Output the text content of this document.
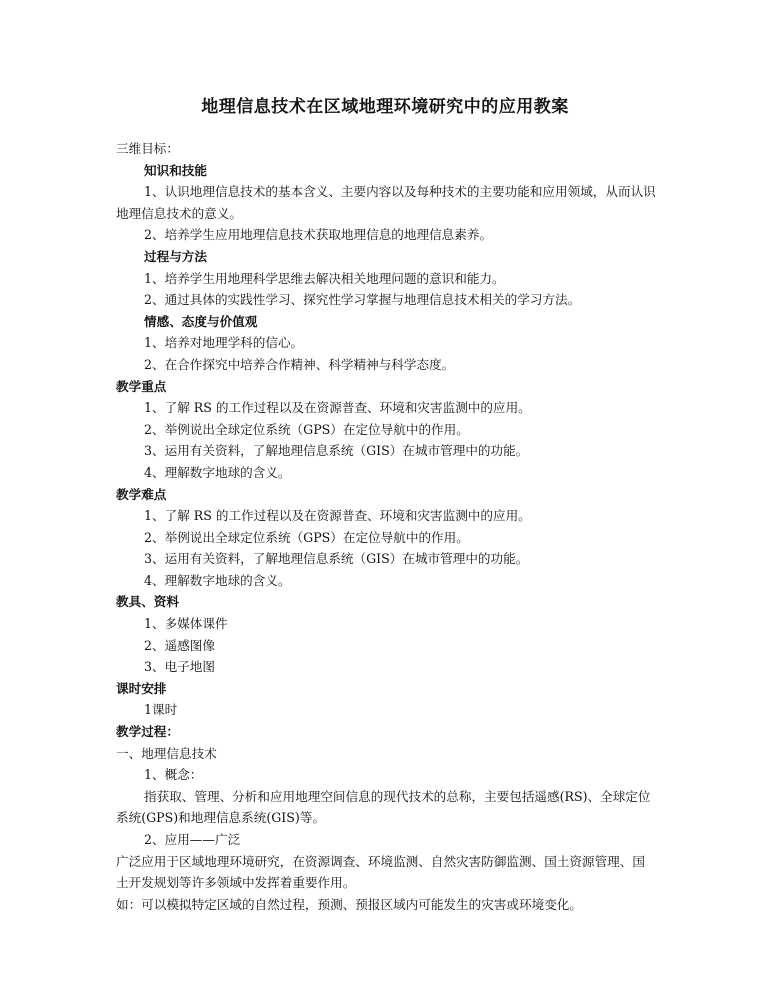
地理信息技术在区域地理环境研究中的应用教案
三维目标：
知识和技能
1、认识地理信息技术的基本含义、主要内容以及每种技术的主要功能和应用领域，从而认识地理信息技术的意义。
2、培养学生应用地理信息技术获取地理信息的地理信息素养。
过程与方法
1、培养学生用地理科学思维去解决相关地理问题的意识和能力。
2、通过具体的实践性学习、探究性学习掌握与地理信息技术相关的学习方法。
情感、态度与价值观
1、培养对地理学科的信心。
2、在合作探究中培养合作精神、科学精神与科学态度。
教学重点
1、了解 RS 的工作过程以及在资源普查、环境和灾害监测中的应用。
2、举例说出全球定位系统（GPS）在定位导航中的作用。
3、运用有关资料，了解地理信息系统（GIS）在城市管理中的功能。
4、理解数字地球的含义。
教学难点
1、了解 RS 的工作过程以及在资源普查、环境和灾害监测中的应用。
2、举例说出全球定位系统（GPS）在定位导航中的作用。
3、运用有关资料，了解地理信息系统（GIS）在城市管理中的功能。
4、理解数字地球的含义。
教具、资料
1、多媒体课件
2、遥感图像
3、电子地图
课时安排
1课时
教学过程：
一、地理信息技术
1、概念：
指获取、管理、分析和应用地理空间信息的现代技术的总称，主要包括遥感(RS)、全球定位系统(GPS)和地理信息系统(GIS)等。
2、应用——广泛
广泛应用于区域地理环境研究，在资源调查、环境监测、自然灾害防御监测、国土资源管理、国土开发规划等许多领域中发挥着重要作用。
如：可以模拟特定区域的自然过程，预测、预报区域内可能发生的灾害或环境变化。
